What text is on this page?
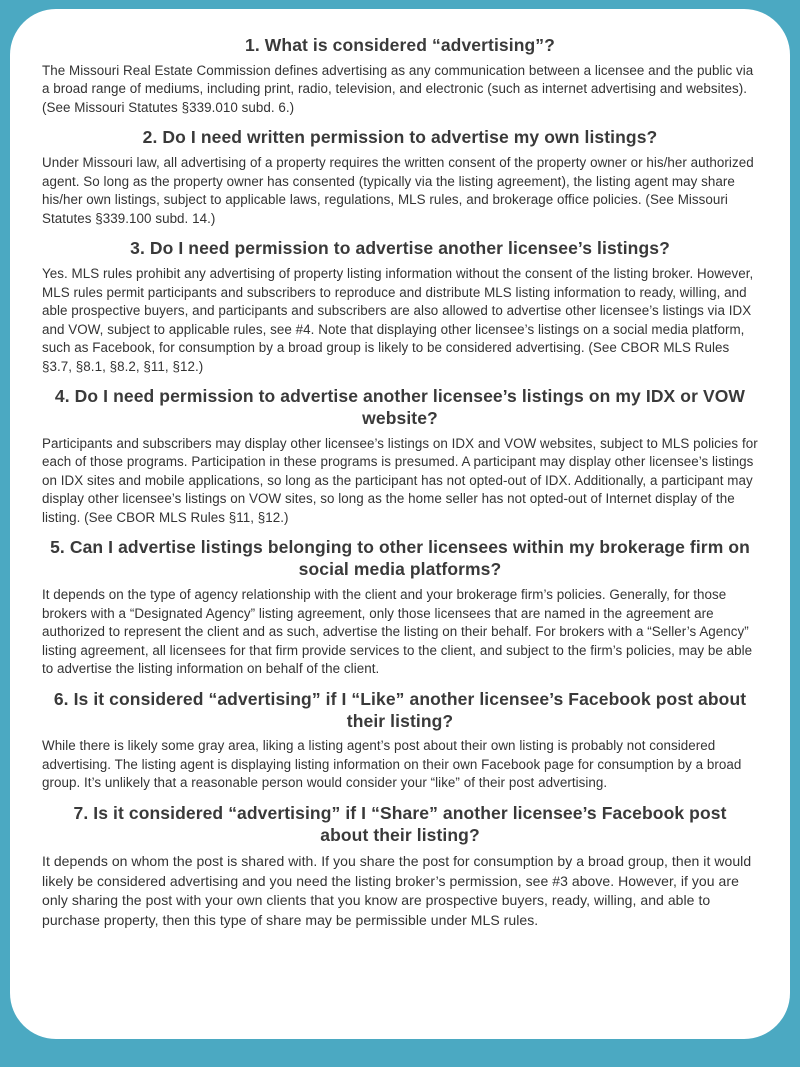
1. What is considered “advertising”?
The Missouri Real Estate Commission defines advertising as any communication between a licensee and the public via a broad range of mediums, including print, radio, television, and electronic (such as internet advertising and websites). (See Missouri Statutes §339.010 subd. 6.)
2. Do I need written permission to advertise my own listings?
Under Missouri law, all advertising of a property requires the written consent of the property owner or his/her authorized agent. So long as the property owner has consented (typically via the listing agreement), the listing agent may share his/her own listings, subject to applicable laws, regulations, MLS rules, and brokerage office policies. (See Missouri Statutes §339.100 subd. 14.)
3. Do I need permission to advertise another licensee’s listings?
Yes. MLS rules prohibit any advertising of property listing information without the consent of the listing broker. However, MLS rules permit participants and subscribers to reproduce and distribute MLS listing information to ready, willing, and able prospective buyers, and participants and subscribers are also allowed to advertise other licensee’s listings via IDX and VOW, subject to applicable rules, see #4. Note that displaying other licensee’s listings on a social media platform, such as Facebook, for consumption by a broad group is likely to be considered advertising. (See CBOR MLS Rules §3.7, §8.1, §8.2, §11, §12.)
4. Do I need permission to advertise another licensee’s listings on my IDX or VOW website?
Participants and subscribers may display other licensee’s listings on IDX and VOW websites, subject to MLS policies for each of those programs. Participation in these programs is presumed. A participant may display other licensee’s listings on IDX sites and mobile applications, so long as the participant has not opted-out of IDX. Additionally, a participant may display other licensee’s listings on VOW sites, so long as the home seller has not opted-out of Internet display of the listing. (See CBOR MLS Rules §11, §12.)
5. Can I advertise listings belonging to other licensees within my brokerage firm on social media platforms?
It depends on the type of agency relationship with the client and your brokerage firm’s policies. Generally, for those brokers with a “Designated Agency” listing agreement, only those licensees that are named in the agreement are authorized to represent the client and as such, advertise the listing on their behalf. For brokers with a “Seller’s Agency” listing agreement, all licensees for that firm provide services to the client, and subject to the firm’s policies, may be able to advertise the listing information on behalf of the client.
6. Is it considered “advertising” if I “Like” another licensee’s Facebook post about their listing?
While there is likely some gray area, liking a listing agent’s post about their own listing is probably not considered advertising. The listing agent is displaying listing information on their own Facebook page for consumption by a broad group. It’s unlikely that a reasonable person would consider your “like” of their post advertising.
7. Is it considered “advertising” if I “Share” another licensee’s Facebook post about their listing?
It depends on whom the post is shared with. If you share the post for consumption by a broad group, then it would likely be considered advertising and you need the listing broker’s permission, see #3 above. However, if you are only sharing the post with your own clients that you know are prospective buyers, ready, willing, and able to purchase property, then this type of share may be permissible under MLS rules.
